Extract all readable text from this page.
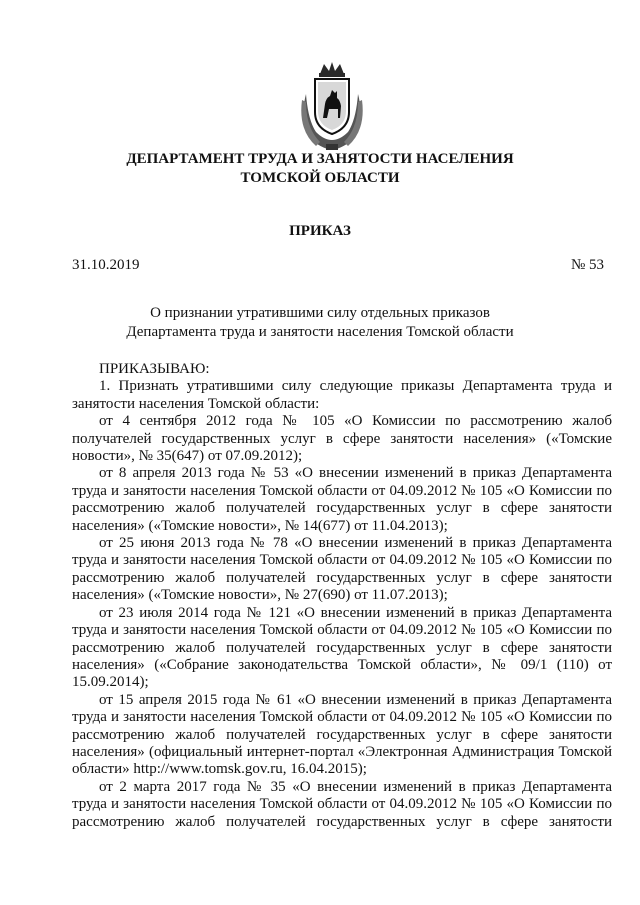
ДЕПАРТАМЕНТ ТРУДА И ЗАНЯТОСТИ НАСЕЛЕНИЯ
ТОМСКОЙ ОБЛАСТИ
ПРИКАЗ
31.10.2019	№ 53
О признании утратившими силу отдельных приказов
Департамента труда и занятости населения Томской области

ПРИКАЗЫВАЮ:

1. Признать утратившими силу следующие приказы Департамента труда и занятости населения Томской области:

от 4 сентября 2012 года № 105 «О Комиссии по рассмотрению жалоб получателей государственных услуг в сфере занятости населения» («Томские новости», № 35(647) от 07.09.2012);

от 8 апреля 2013 года № 53 «О внесении изменений в приказ Департамента труда и занятости населения Томской области от 04.09.2012 № 105 «О Комиссии по рассмотрению жалоб получателей государственных услуг в сфере занятости населения» («Томские новости», № 14(677) от 11.04.2013);

от 25 июня 2013 года № 78 «О внесении изменений в приказ Департамента труда и занятости населения Томской области от 04.09.2012 № 105 «О Комиссии по рассмотрению жалоб получателей государственных услуг в сфере занятости населения» («Томские новости», № 27(690) от 11.07.2013);

от 23 июля 2014 года № 121 «О внесении изменений в приказ Департамента труда и занятости населения Томской области от 04.09.2012 № 105 «О Комиссии по рассмотрению жалоб получателей государственных услуг в сфере занятости населения» («Собрание законодательства Томской области», № 09/1 (110) от 15.09.2014);

от 15 апреля 2015 года № 61 «О внесении изменений в приказ Департамента труда и занятости населения Томской области от 04.09.2012 № 105 «О Комиссии по рассмотрению жалоб получателей государственных услуг в сфере занятости населения» (официальный интернет-портал «Электронная Администрация Томской области» http://www.tomsk.gov.ru, 16.04.2015);

от 2 марта 2017 года № 35 «О внесении изменений в приказ Департамента труда и занятости населения Томской области от 04.09.2012 № 105 «О Комиссии по рассмотрению жалоб получателей государственных услуг в сфере занятости
